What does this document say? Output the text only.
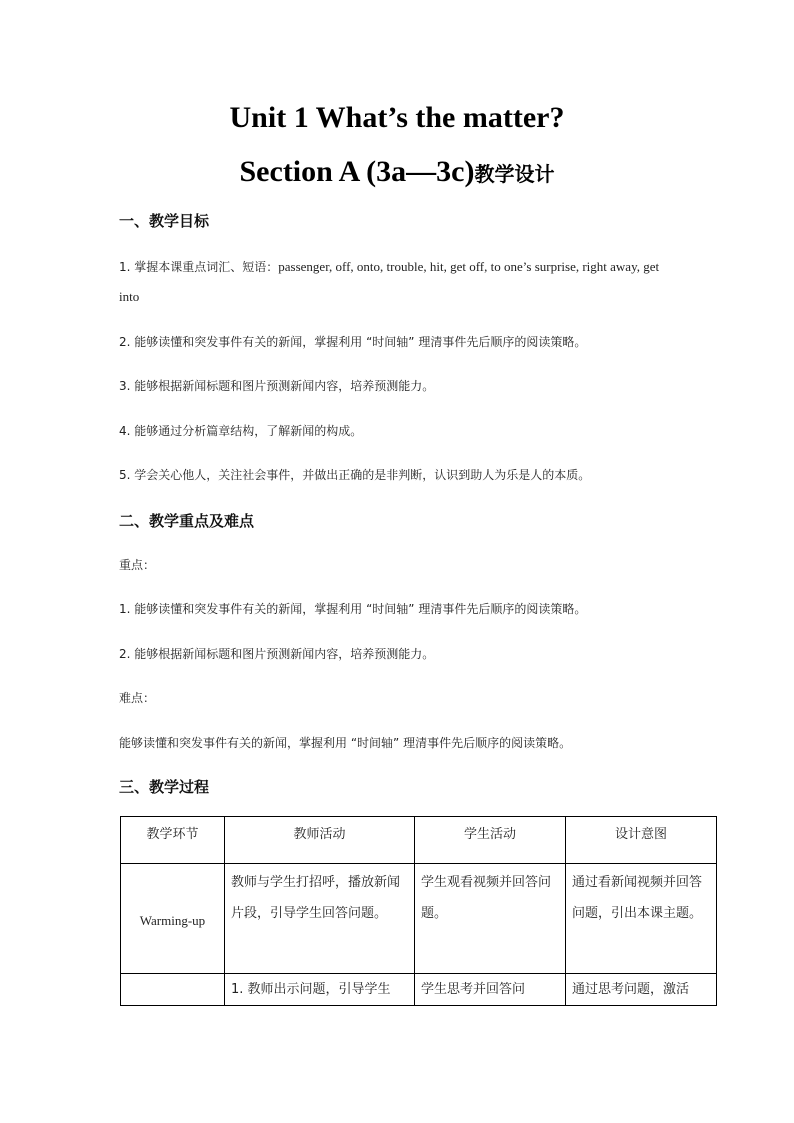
Unit 1 What’s the matter?
Section A (3a—3c)教学设计
一、教学目标
1. 掌握本课重点词汇、短语：passenger, off, onto, trouble, hit, get off, to one’s surprise, right away, get into
2. 能够读懂和突发事件有关的新闻，掌握利用 “时间轴” 理清事件先后顺序的阅读策略。
3. 能够根据新闻标题和图片预测新闻内容，培养预测能力。
4. 能够通过分析篇章结构，了解新闻的构成。
5. 学会关心他人，关注社会事件，并做出正确的是非判断，认识到助人为乐是人的本质。
二、教学重点及难点
重点：
1. 能够读懂和突发事件有关的新闻，掌握利用 “时间轴” 理清事件先后顺序的阅读策略。
2. 能够根据新闻标题和图片预测新闻内容，培养预测能力。
难点：
能够读懂和突发事件有关的新闻，掌握利用 “时间轴” 理清事件先后顺序的阅读策略。
三、教学过程
教学环节	教师活动	学生活动	设计意图
Warming-up	教师与学生打招呼，播放新闻片段，引导学生回答问题。	学生观看视频并回答问题。	通过看新闻视频并回答问题，引出本课主题。
	1. 教师出示问题，引导学生	学生思考并回答问	通过思考问题，激活
